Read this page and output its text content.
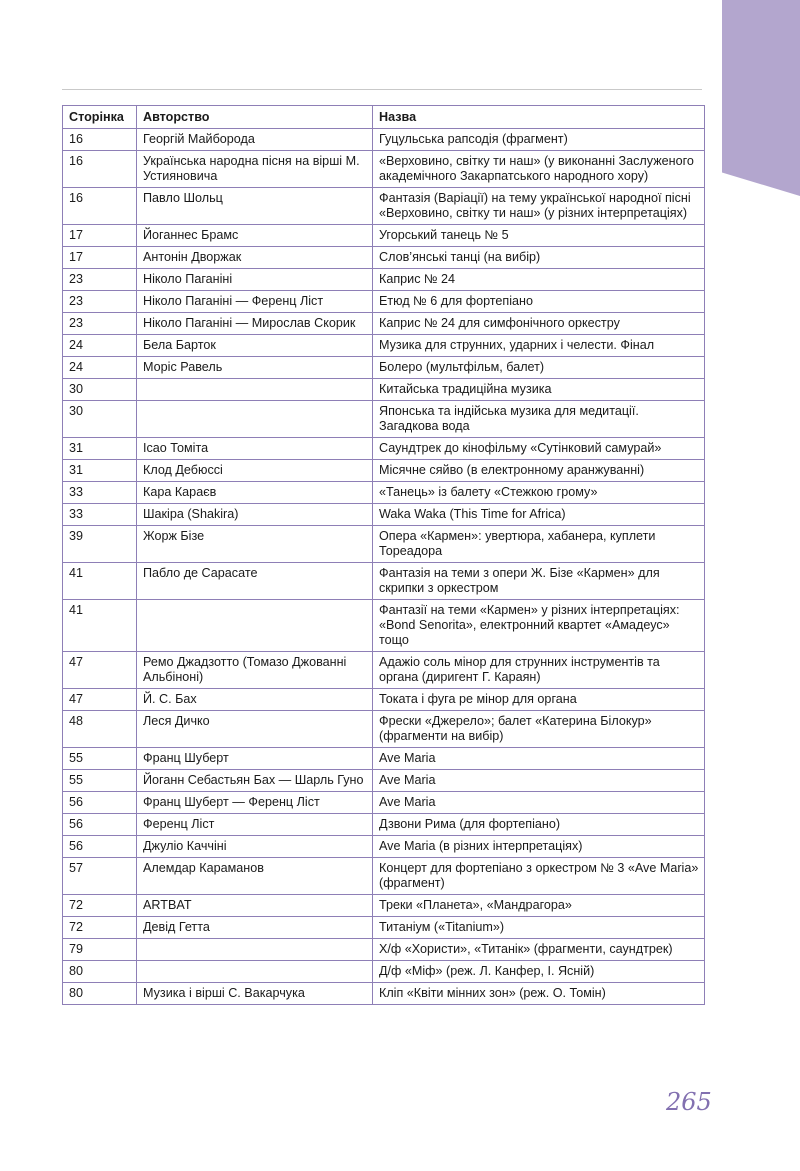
Сторінка	Авторство	Назва
16	Георгій Майборода	Гуцульська рапсодія (фрагмент)
16	Українська народна пісня на вірші М. Устияновича	«Верховино, світку ти наш» (у виконанні Заслуженого академічного Закарпатського народного хору)
16	Павло Шольц	Фантазія (Варіації) на тему української народної пісні «Верховино, світку ти наш» (у різних інтерпретаціях)
17	Йоганнес Брамс	Угорський танець № 5
17	Антонін Дворжак	Слов’янські танці (на вибір)
23	Ніколо Паганіні	Каприс № 24
23	Ніколо Паганіні — Ференц Ліст	Етюд № 6 для фортепіано
23	Ніколо Паганіні — Мирослав Скорик	Каприс № 24 для симфонічного оркестру
24	Бела Барток	Музика для струнних, ударних і челести. Фінал
24	Моріс Равель	Болеро (мультфільм, балет)
30		Китайська традиційна музика
30		Японська та індійська музика для медитації. Загадкова вода
31	Ісао Томіта	Саундтрек до кінофільму «Сутінковий самурай»
31	Клод Дебюссі	Місячне сяйво (в електронному аранжуванні)
33	Кара Караєв	«Танець» із балету «Стежкою грому»
33	Шакіра (Shakira)	Waka Waka (This Time for Africa)
39	Жорж Бізе	Опера «Кармен»: увертюра, хабанера, куплети Тореадора
41	Пабло де Сарасате	Фантазія на теми з опери Ж. Бізе «Кармен» для скрипки з оркестром
41		Фантазії на теми «Кармен» у різних інтерпретаціях: «Bond Senorita», електронний квартет «Амадеус» тощо
47	Ремо Джадзотто (Томазо Джованні Альбіноні)	Адажіо соль мінор для струнних інструментів та органа (диригент Г. Караян)
47	Й. С. Бах	Токата і фуга ре мінор для органа
48	Леся Дичко	Фрески «Джерело»; балет «Катерина Білокур» (фрагменти на вибір)
55	Франц Шуберт	Ave Maria
55	Йоганн Себастьян Бах — Шарль Гуно	Ave Maria
56	Франц Шуберт — Ференц Ліст	Ave Maria
56	Ференц Ліст	Дзвони Рима (для фортепіано)
56	Джуліо Каччіні	Ave Maria (в різних інтерпретаціях)
57	Алемдар Караманов	Концерт для фортепіано з оркестром № 3 «Ave Maria» (фрагмент)
72	ARTBAT	Треки «Планета», «Мандрагора»
72	Девід Гетта	Титаніум («Titanium»)
79		Х/ф «Хористи», «Титанік» (фрагменти, саундтрек)
80		Д/ф «Міф» (реж. Л. Канфер, І. Ясній)
80	Музика і вірші С. Вакарчука	Кліп «Квіти мінних зон» (реж. О. Томін)
265
